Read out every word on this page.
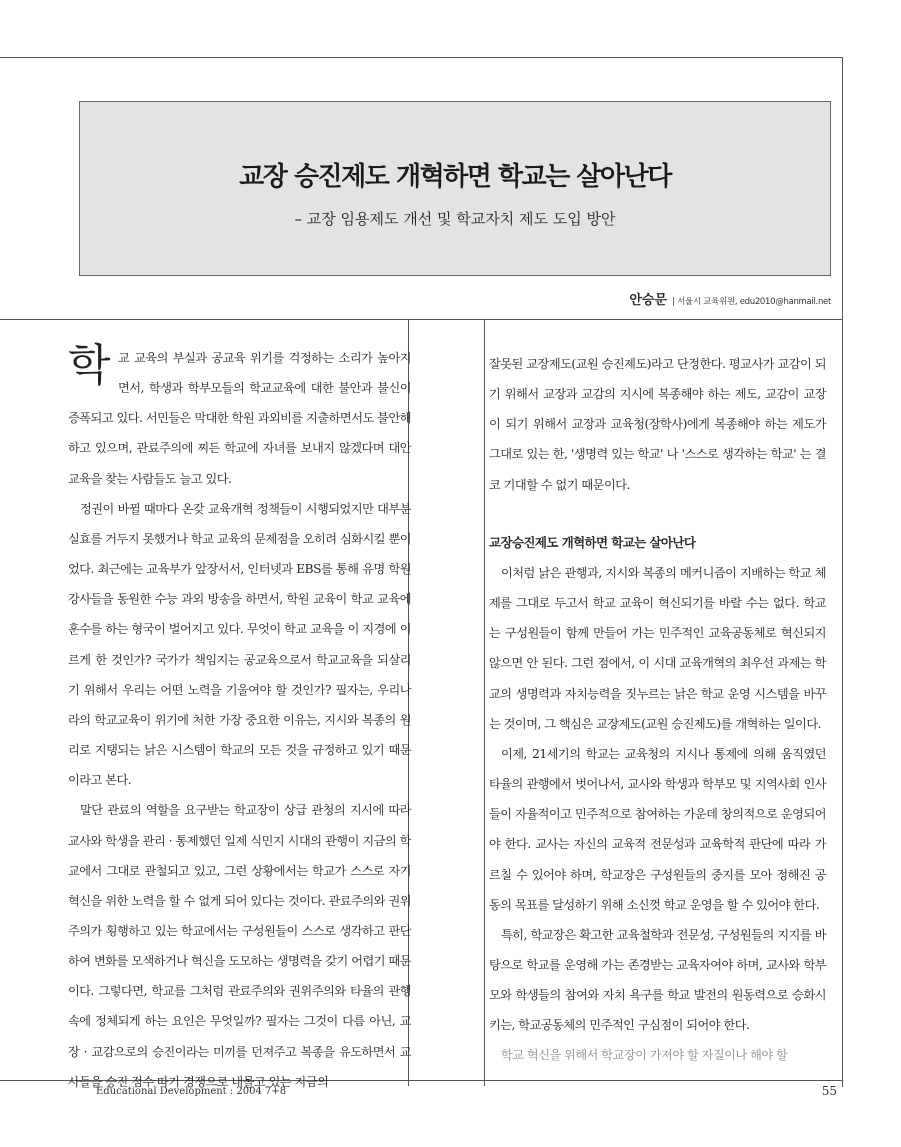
교장 승진제도 개혁하면 학교는 살아난다
– 교장 임용제도 개선 및 학교자치 제도 도입 방안
안승문 | 서울시 교육위원, edu2010@hanmail.net

학교 교육의 부실과 공교육 위기를 걱정하는 소리가 높아지면서, 학생과 학부모들의 학교교육에 대한 불안과 불신이 증폭되고 있다. 서민들은 막대한 학원 과외비를 지출하면서도 불안해하고 있으며, 관료주의에 찌든 학교에 자녀를 보내지 않겠다며 대안교육을 찾는 사람들도 늘고 있다.

정권이 바뀔 때마다 온갖 교육개혁 정책들이 시행되었지만 대부분 실효를 거두지 못했거나 학교 교육의 문제점을 오히려 심화시킬 뿐이었다. 최근에는 교육부가 앞장서서, 인터넷과 EBS를 통해 유명 학원 강사들을 동원한 수능 과외 방송을 하면서, 학원 교육이 학교 교육에 훈수를 하는 형국이 벌어지고 있다. 무엇이 학교 교육을 이 지경에 이르게 한 것인가? 국가가 책임지는 공교육으로서 학교교육을 되살리기 위해서 우리는 어떤 노력을 기울여야 할 것인가? 필자는, 우리나라의 학교교육이 위기에 처한 가장 중요한 이유는, 지시와 복종의 원리로 지탱되는 낡은 시스템이 학교의 모든 것을 규정하고 있기 때문이라고 본다.

말단 관료의 역할을 요구받는 학교장이 상급 관청의 지시에 따라 교사와 학생을 관리 · 통제했던 일제 식민지 시대의 관행이 지금의 학교에서 그대로 관철되고 있고, 그런 상황에서는 학교가 스스로 자기혁신을 위한 노력을 할 수 없게 되어 있다는 것이다. 관료주의와 권위주의가 횡행하고 있는 학교에서는 구성원들이 스스로 생각하고 판단하여 변화를 모색하거나 혁신을 도모하는 생명력을 갖기 어렵기 때문이다. 그렇다면, 학교를 그처럼 관료주의와 권위주의와 타율의 관행 속에 정체되게 하는 요인은 무엇일까? 필자는 그것이 다름 아닌, 교장 · 교감으로의 승진이라는 미끼를 던져주고 복종을 유도하면서 교사들을 승진 점수 따기 경쟁으로 내몰고 있는 지금의

잘못된 교장제도(교원 승진제도)라고 단정한다. 평교사가 교감이 되기 위해서 교장과 교감의 지시에 복종해야 하는 제도, 교감이 교장이 되기 위해서 교장과 교육청(장학사)에게 복종해야 하는 제도가 그대로 있는 한, '생명력 있는 학교' 나 '스스로 생각하는 학교' 는 결코 기대할 수 없기 때문이다.

교장승진제도 개혁하면 학교는 살아난다

이처럼 낡은 관행과, 지시와 복종의 메커니즘이 지배하는 학교 체제를 그대로 두고서 학교 교육이 혁신되기를 바랄 수는 없다. 학교는 구성원들이 함께 만들어 가는 민주적인 교육공동체로 혁신되지 않으면 안 된다. 그런 점에서, 이 시대 교육개혁의 최우선 과제는 학교의 생명력과 자치능력을 짓누르는 낡은 학교 운영 시스템을 바꾸는 것이며, 그 핵심은 교장제도(교원 승진제도)를 개혁하는 일이다.

이제, 21세기의 학교는 교육청의 지시나 통제에 의해 움직였던 타율의 관행에서 벗어나서, 교사와 학생과 학부모 및 지역사회 인사들이 자율적이고 민주적으로 참여하는 가운데 창의적으로 운영되어야 한다. 교사는 자신의 교육적 전문성과 교육학적 판단에 따라 가르칠 수 있어야 하며, 학교장은 구성원들의 중지를 모아 정해진 공동의 목표를 달성하기 위해 소신껏 학교 운영을 할 수 있어야 한다.

특히, 학교장은 확고한 교육철학과 전문성, 구성원들의 지지를 바탕으로 학교를 운영해 가는 존경받는 교육자여야 하며, 교사와 학부모와 학생들의 참여와 자치 욕구를 학교 발전의 원동력으로 승화시키는, 학교공동체의 민주적인 구심점이 되어야 한다.

학교 혁신을 위해서 학교장이 가져야 할 자질이나 해야 할

Educational Development : 2004 7+8	55
